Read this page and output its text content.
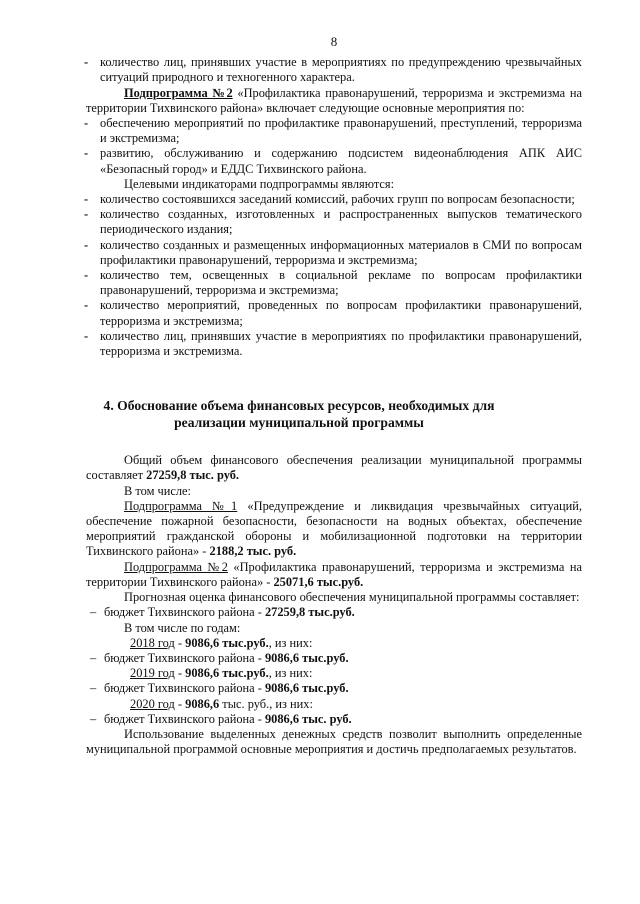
8

- количество лиц, принявших участие в мероприятиях по предупреждению чрезвычайных ситуаций природного и техногенного характера.

Подпрограмма №2 «Профилактика правонарушений, терроризма и экстремизма на территории Тихвинского района» включает следующие основные мероприятия по:

- обеспечению мероприятий по профилактике правонарушений, преступлений, терроризма и экстремизма;

- развитию, обслуживанию и содержанию подсистем видеонаблюдения АПК АИС «Безопасный город» и ЕДДС Тихвинского района.

Целевыми индикаторами подпрограммы являются:

- количество состоявшихся заседаний комиссий, рабочих групп по вопросам безопасности;

- количество созданных, изготовленных и распространенных выпусков тематического периодического издания;

- количество созданных и размещенных информационных материалов в СМИ по вопросам профилактики правонарушений, терроризма и экстремизма;

- количество тем, освещенных в социальной рекламе по вопросам профилактики правонарушений, терроризма и экстремизма;

- количество мероприятий, проведенных по вопросам профилактики правонарушений, терроризма и экстремизма;

- количество лиц, принявших участие в мероприятиях по профилактики правонарушений, терроризма и экстремизма.

4. Обоснование объема финансовых ресурсов, необходимых для реализации муниципальной программы

Общий объем финансового обеспечения реализации муниципальной программы составляет 27259,8 тыс. руб.

В том числе:

Подпрограмма №1 «Предупреждение и ликвидация чрезвычайных ситуаций, обеспечение пожарной безопасности, безопасности на водных объектах, обеспечение мероприятий гражданской обороны и мобилизационной подготовки на территории Тихвинского района» - 2188,2 тыс. руб.

Подпрограмма №2 «Профилактика правонарушений, терроризма и экстремизма на территории Тихвинского района» - 25071,6 тыс.руб.

Прогнозная оценка финансового обеспечения муниципальной программы составляет:

– бюджет Тихвинского района - 27259,8 тыс.руб.

В том числе по годам:

2018 год - 9086,6 тыс.руб., из них:

– бюджет Тихвинского района - 9086,6 тыс.руб.

2019 год - 9086,6 тыс.руб., из них:

– бюджет Тихвинского района - 9086,6 тыс.руб.

2020 год - 9086,6 тыс. руб., из них:

– бюджет Тихвинского района - 9086,6 тыс. руб.

Использование выделенных денежных средств позволит выполнить определенные муниципальной программой основные мероприятия и достичь предполагаемых результатов.
